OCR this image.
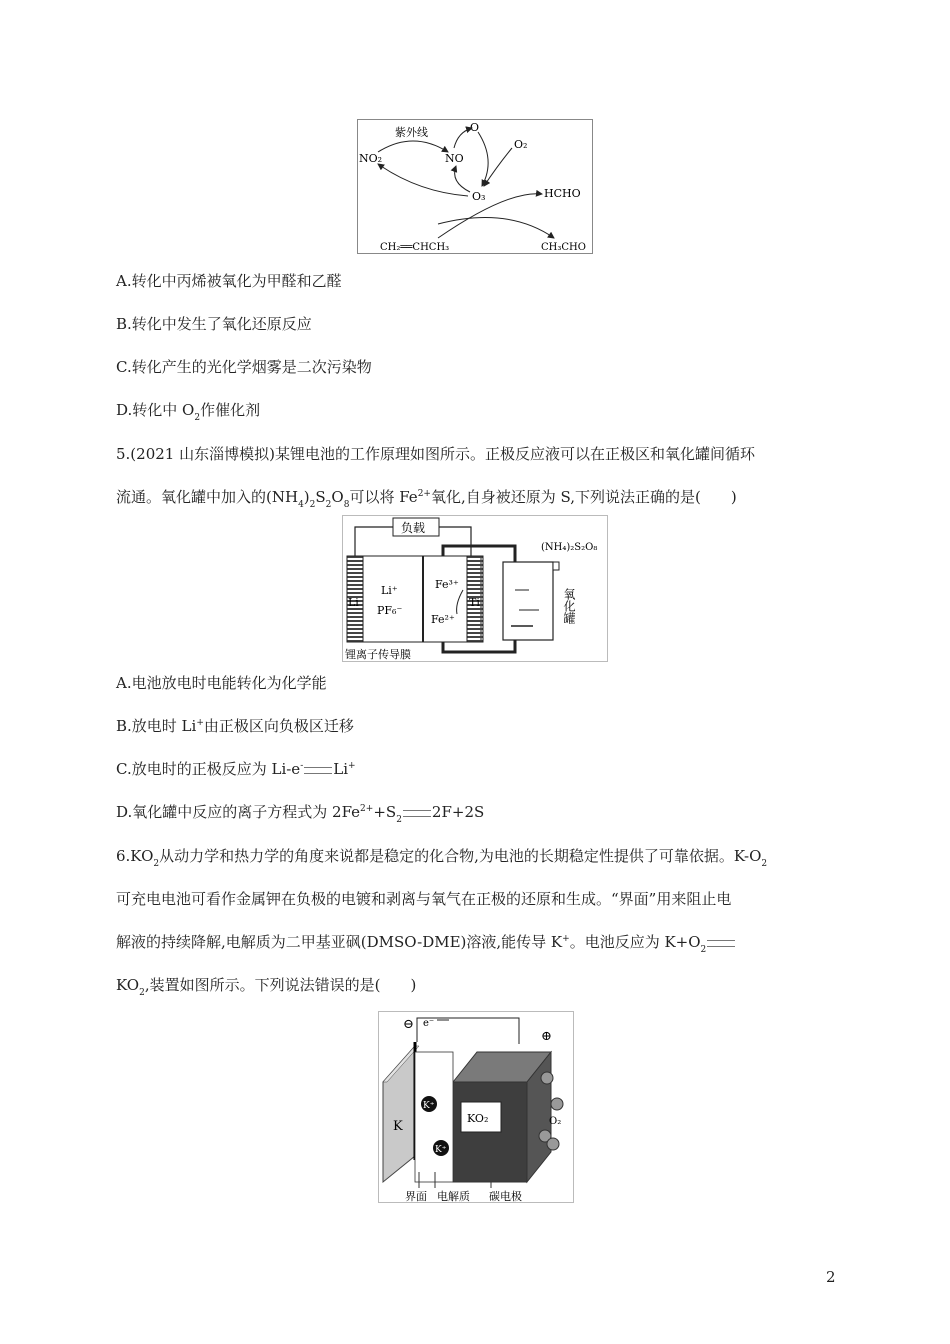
紫外线
NO₂	NO
O
O₂
O₃	HCHO
CH₂══CHCH₃	CH₃CHO
A.转化中丙烯被氧化为甲醛和乙醛
B.转化中发生了氧化还原反应
C.转化产生的光化学烟雾是二次污染物
D.转化中 $O_2$作催化剂
5.(2021 山东淄博模拟)某锂电池的工作原理如图所示。正极反应液可以在正极区和氧化罐间循环
流通。氧化罐中加入的$(NH_4)_2S_2O_8$可以将 $Fe^{2+}$氧化,自身被还原为 S,下列说法正确的是(　　)
负载
Li
Li⁺
PF₆⁻
Fe³⁺
Fe²⁺
Ti
(NH₄)₂S₂O₈
氧化罐
锂离子传导膜
A.电池放电时电能转化为化学能
B.放电时 Li+由正极区向负极区迁移
C.放电时的正极反应为 Li-e- Li+
D.氧化罐中反应的离子方程式为 $2Fe^{2+}+S_2$ 2F+2S
$6.KO_2$从动力学和热力学的角度来说都是稳定的化合物,为电池的长期稳定性提供了可靠依据。$K-O_2$
可充电电池可看作金属钾在负极的电镀和剥离与氧气在正极的还原和生成。“界面”用来阻止电
解液的持续降解,电解质为二甲基亚砜(DMSO-DME)溶液,能传导 K+。电池反应为 $K+O_2$
$KO_2$,装置如图所示。下列说法错误的是(　　)
⊖
⊕
e⁻
K
K⁺
K⁺
KO₂	O₂
界面 电解质 碳电极
2
